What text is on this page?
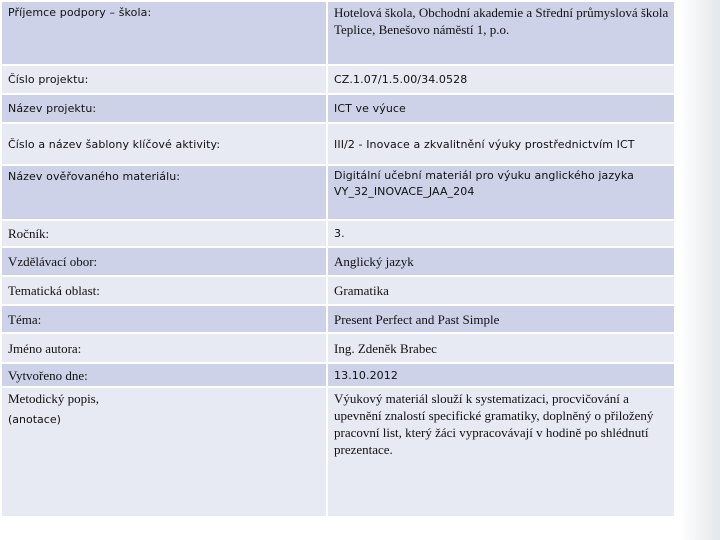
Příjemce podpory – škola:	Hotelová škola, Obchodní akademie a Střední průmyslová škola Teplice, Benešovo náměstí 1, p.o.
Číslo projektu:	CZ.1.07/1.5.00/34.0528
Název projektu:	ICT ve výuce
Číslo a název šablony klíčové aktivity:	III/2 - Inovace a zkvalitnění výuky prostřednictvím ICT
Název ověřovaného materiálu:	Digitální učební materiál pro výuku anglického jazyka VY_32_INOVACE_JAA_204
Ročník:	3.
Vzdělávací obor:	Anglický jazyk
Tematická oblast:	Gramatika
Téma:	Present Perfect and Past Simple
Jméno autora:	Ing. Zdeněk Brabec
Vytvořeno dne:	13.10.2012
Metodický popis,
(anotace)	Výukový materiál slouží k systematizaci, procvičování a upevnění znalostí specifické gramatiky, doplněný o přiložený pracovní list, který žáci vypracovávají v hodině po shlédnutí prezentace.
